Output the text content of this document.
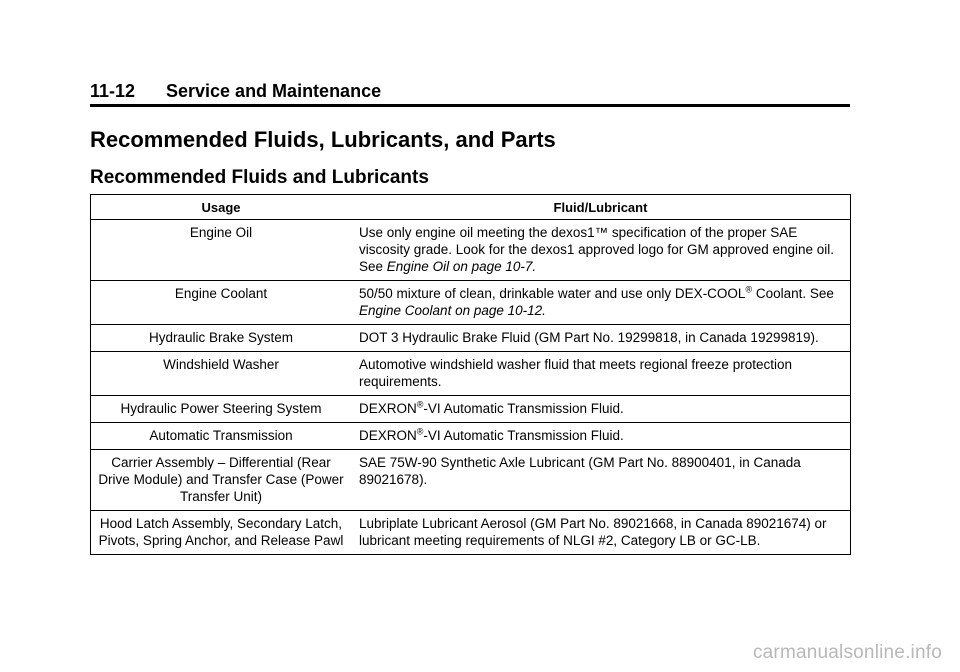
11-12 Service and Maintenance
Recommended Fluids, Lubricants, and Parts
Recommended Fluids and Lubricants
Usage	Fluid/Lubricant
Engine Oil	Use only engine oil meeting the dexos1™ specification of the proper SAE viscosity grade. Look for the dexos1 approved logo for GM approved engine oil. See Engine Oil on page 10-7.
Engine Coolant	50/50 mixture of clean, drinkable water and use only DEX-COOL® Coolant. See Engine Coolant on page 10-12.
Hydraulic Brake System	DOT 3 Hydraulic Brake Fluid (GM Part No. 19299818, in Canada 19299819).
Windshield Washer	Automotive windshield washer fluid that meets regional freeze protection requirements.
Hydraulic Power Steering System	DEXRON®-VI Automatic Transmission Fluid.
Automatic Transmission	DEXRON®-VI Automatic Transmission Fluid.
Carrier Assembly – Differential (Rear Drive Module) and Transfer Case (Power Transfer Unit)	SAE 75W-90 Synthetic Axle Lubricant (GM Part No. 88900401, in Canada 89021678).
Hood Latch Assembly, Secondary Latch, Pivots, Spring Anchor, and Release Pawl	Lubriplate Lubricant Aerosol (GM Part No. 89021668, in Canada 89021674) or lubricant meeting requirements of NLGI #2, Category LB or GC-LB.
carmanualsonline.info
